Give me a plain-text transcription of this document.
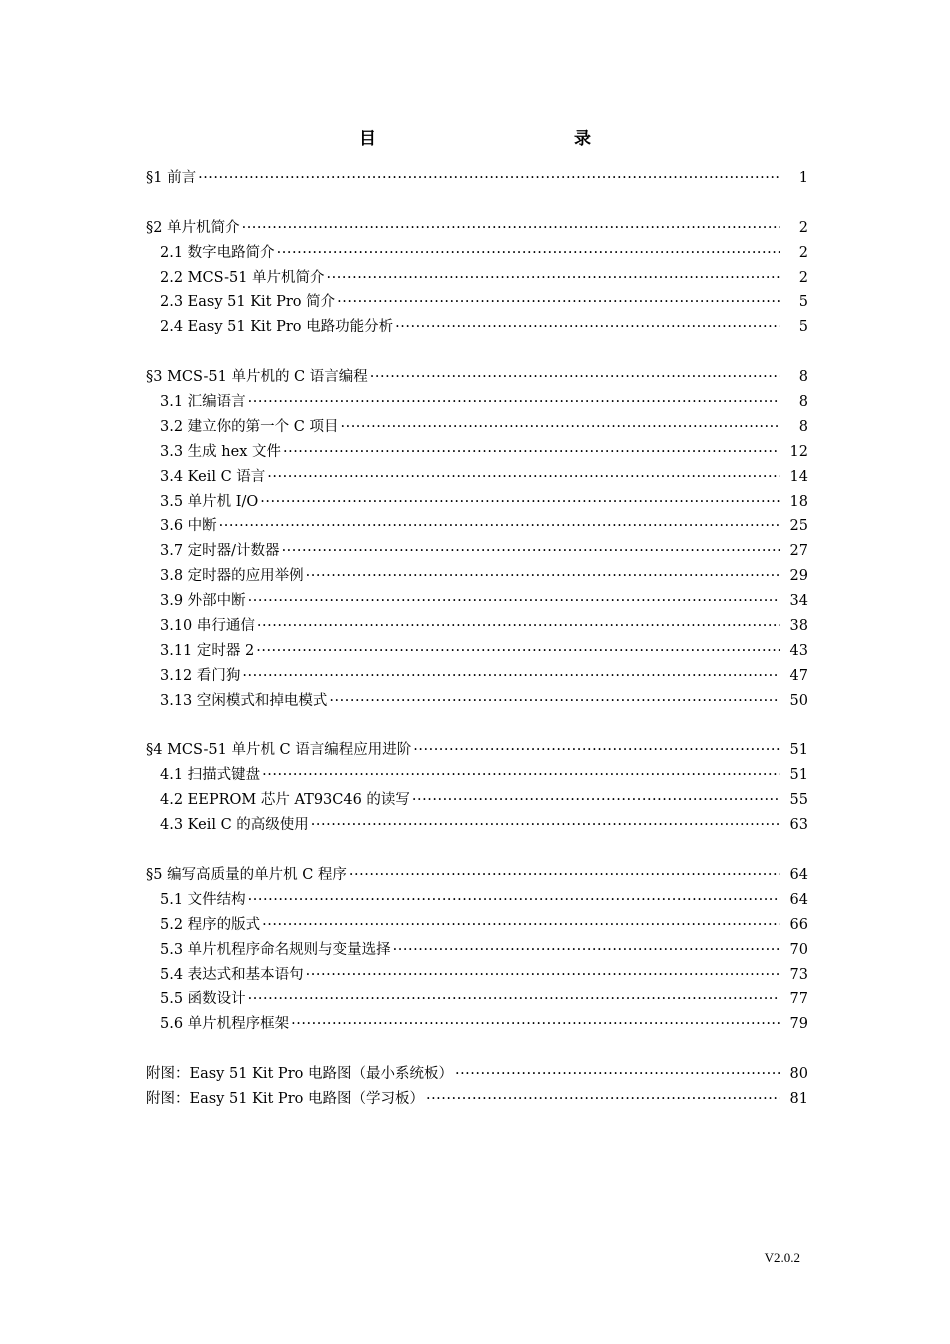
目 录
§1 前言 ·····	1
§2 单片机简介 ·····	2
2.1 数字电路简介 ·····	2
2.2 MCS-51 单片机简介 ·····	2
2.3 Easy 51 Kit Pro 简介 ·····	5
2.4 Easy 51 Kit Pro 电路功能分析 ·····	5
§3 MCS-51 单片机的 C 语言编程 ·····	8
3.1 汇编语言 ·····	8
3.2 建立你的第一个 C 项目 ·····	8
3.3 生成 hex 文件 ·····	12
3.4 Keil C 语言 ·····	14
3.5 单片机 I/O ·····	18
3.6 中断 ·····	25
3.7 定时器/计数器 ·····	27
3.8 定时器的应用举例 ·····	29
3.9 外部中断 ·····	34
3.10 串行通信 ·····	38
3.11 定时器 2 ·····	43
3.12 看门狗 ·····	47
3.13 空闲模式和掉电模式 ·····	50
§4 MCS-51 单片机 C 语言编程应用进阶 ·····	51
4.1 扫描式键盘 ·····	51
4.2 EEPROM 芯片 AT93C46 的读写 ·····	55
4.3 Keil C 的高级使用 ·····	63
§5 编写高质量的单片机 C 程序 ·····	64
5.1 文件结构 ·····	64
5.2 程序的版式 ·····	66
5.3 单片机程序命名规则与变量选择 ·····	70
5.4 表达式和基本语句 ·····	73
5.5 函数设计 ·····	77
5.6 单片机程序框架 ·····	79
附图：Easy 51 Kit Pro 电路图（最小系统板） ·····	80
附图：Easy 51 Kit Pro 电路图（学习板） ·····	81
V2.0.2
